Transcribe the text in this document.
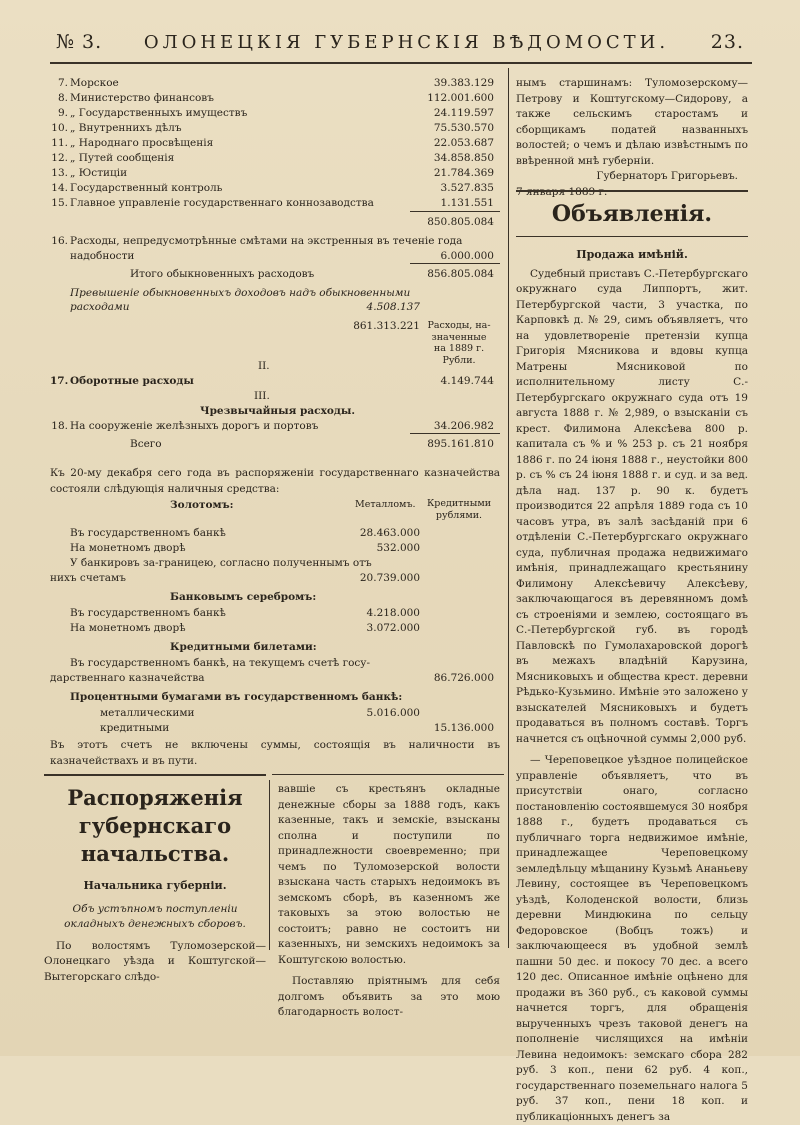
№ 3. ОЛОНЕЦКІЯ ГУБЕРНСКІЯ ВѢДОМОСТИ. 23.
7. Морское	39.383.129
8. Министерство финансовъ	112.001.600
9. „ Государственныхъ имуществъ	24.119.597
10. „ Внутреннихъ дѣлъ	75.530.570
11. „ Народнаго просвѣщенія	22.053.687
12. „ Путей сообщенія	34.858.850
13. „ Юстиціи	21.784.369
14. Государственный контроль	3.527.835
15. Главное управленіе государственнаго коннозаводства	1.131.551
850.805.084
16. Расходы, непредусмотрѣнные смѣтами на экстренныя въ теченіе года
надобности	6.000.000
Итого обыкновенныхъ расходовъ	856.805.084
Превышеніе обыкновенныхъ доходовъ надъ обыкновенными
расходами	4.508.137
861.313.221 Расходы, на-
значенные
на 1889 г.
Рубли.
II.
17. Оборотные расходы	4.149.744
III.
Чрезвычайныя расходы.
18. На сооруженіе желѣзныхъ дорогъ и портовъ	34.206.982
Всего	895.161.810
Къ 20-му декабря сего года въ распоряженіи государственнаго казначейства состояли слѣдующія наличныя средства:
Золотомъ:	Металломъ.	Кредитными
рублями.
Въ государственномъ банкѣ	28.463.000
На монетномъ дворѣ	532.000
У банкировъ за-границею, согласно полученнымъ отъ
нихъ счетамъ	20.739.000
Банковымъ серебромъ:
Въ государственномъ банкѣ	4.218.000
На монетномъ дворѣ	3.072.000
Кредитными билетами:
Въ государственномъ банкѣ, на текущемъ счетѣ госу-
дарственнаго казначейства	86.726.000
Процентными бумагами въ государственномъ банкѣ:
металлическими	5.016.000
кредитными	15.136.000
Въ этотъ счетъ не включены суммы, состоящія въ наличности въ казначействахъ и въ пути.
Распоряженія губернскаго
начальства.
Начальника губерніи.
Объ устъпномъ поступленіи окладныхъ денежныхъ сборовъ.
По волостямъ Туломозерской—Олонецкаго уѣзда и Коштугской—Вытегорскаго слѣдо-
вавшіе съ крестьянъ окладные денежные сборы за 1888 годъ, какъ казенные, такъ и земскіе, взысканы сполна и поступили по принадлежности своевременно; при чемъ по Туломозерской волости взыскана часть старыхъ недоимокъ въ земскомъ сборѣ, въ казенномъ же таковыхъ за этою волостью не состоитъ; равно не состоитъ ни казенныхъ, ни земскихъ недоимокъ за Коштугскою волостью.
Поставляю пріятнымъ для себя долгомъ объявить за это мою благодарность волост-
нымъ старшинамъ: Туломозерскому—Петрову и Коштугскому—Сидорову, а также сельскимъ старостамъ и сборщикамъ податей названныхъ волостей; о чемъ и дѣлаю извѣстнымъ по ввѣренной мнѣ губерніи.
Губернаторъ Григорьевъ.
Объявленія.
Продажа имѣній.
Судебный приставъ С.-Петербургскаго окружнаго суда Липпортъ, жит. Петербургской части, 3 участка, по Карповкѣ д. № 29, симъ объявляетъ, что на удовлетвореніе претензіи купца Григорія Мясникова и вдовы купца Матрены Мясниковой по исполнительному листу С.-Петербургскаго окружнаго суда отъ 19 августа 1888 г. № 2,989, о взысканіи съ крест. Филимона Алексѣева 800 р. капитала съ % и % 253 р. съ 21 ноября 1886 г. по 24 іюня 1888 г., неустойки 800 р. съ % съ 24 іюня 1888 г. и суд. и за вед. дѣла над. 137 р. 90 к. будетъ производится 22 апрѣля 1889 года съ 10 часовъ утра, въ залѣ засѣданій при 6 отдѣленіи С.-Петербургскаго окружнаго суда, публичная продажа недвижимаго имѣнія, принадлежащаго крестьянину Филимону Алексѣевичу Алексѣеву, заключающагося въ деревянномъ домѣ съ строеніями и землею, состоящаго въ С.-Петербургской губ. въ городѣ Павловскѣ по Гумолахаровской дорогѣ въ межахъ владѣній Карузина, Мясниковыхъ и общества крест. деревни Рѣдько-Кузьмино. Имѣніе это заложено у взыскателей Мясниковыхъ и будетъ продаваться въ полномъ составѣ. Торгъ начнется съ оцѣночной суммы 2,000 руб.
— Череповецкое уѣздное полицейское управленіе объявляетъ, что въ присутствіи онаго, согласно постановленію состоявшемуся 30 ноября 1888 г., будетъ продаваться съ публичнаго торга недвижимое имѣніе, принадлежащее Череповецкому земледѣльцу мѣщанину Кузьмѣ Ананьеву Левину, состоящее въ Череповецкомъ уѣздѣ, Колоденской волости, близь деревни Миндюкина по сельцу Федоровское (Вобцъ тожъ) и заключающееся въ удобной землѣ пашни 50 дес. и покосу 70 дес. а всего 120 дес. Описанное имѣніе оцѣнено для продажи въ 360 руб., съ каковой суммы начнется торгъ, для обращенія вырученныхъ чрезъ таковой денегъ на пополненіе числящихся на имѣніи Левина недоимокъ: земскаго сбора 282 руб. 3 коп., пени 62 руб. 4 коп., государственнаго поземельнаго налога 5 руб. 37 коп., пени 18 коп. и публикаціонныхъ денегъ за
